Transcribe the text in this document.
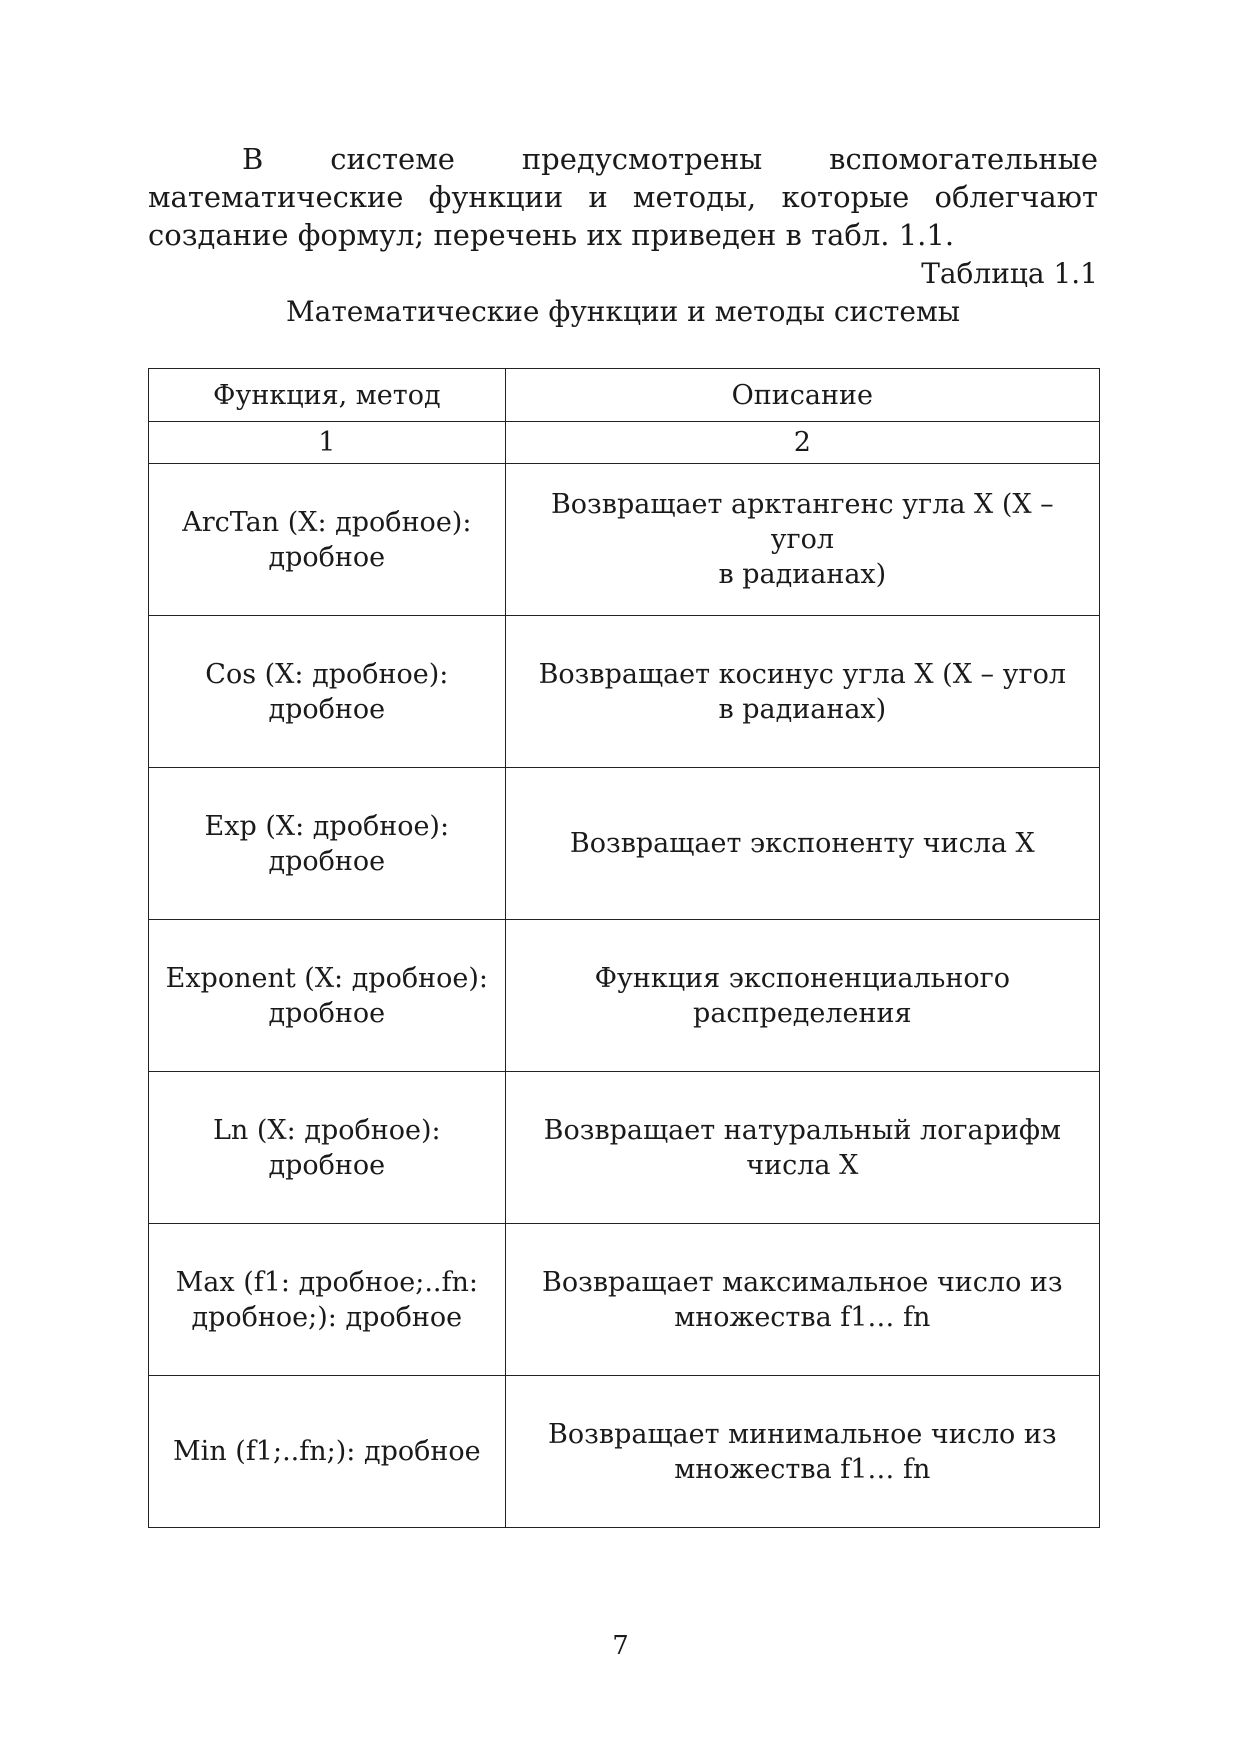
В системе предусмотрены вспомогательные математические функции и методы, которые облегчают создание формул; перечень их приведен в табл. 1.1.

Таблица 1.1
Математические функции и методы системы
Функция, метод	Описание
1	2

ArcTan (X: дробное):
дробное	Возвращает арктангенс угла X (X – угол
в радианах)

Cos (X: дробное):
дробное	Возвращает косинус угла X (X – угол
в радианах)

Exp (X: дробное):
дробное	Возвращает экспоненту числа X

Exponent (X: дробное):
дробное	Функция экспоненциального
распределения

Ln (X: дробное):
дробное	Возвращает натуральный логарифм
числа X

Max (f1: дробное;..fn:
дробное;): дробное	Возвращает максимальное число из
множества f1… fn

Min (f1;..fn;): дробное	Возвращает минимальное число из
множества f1… fn
7
